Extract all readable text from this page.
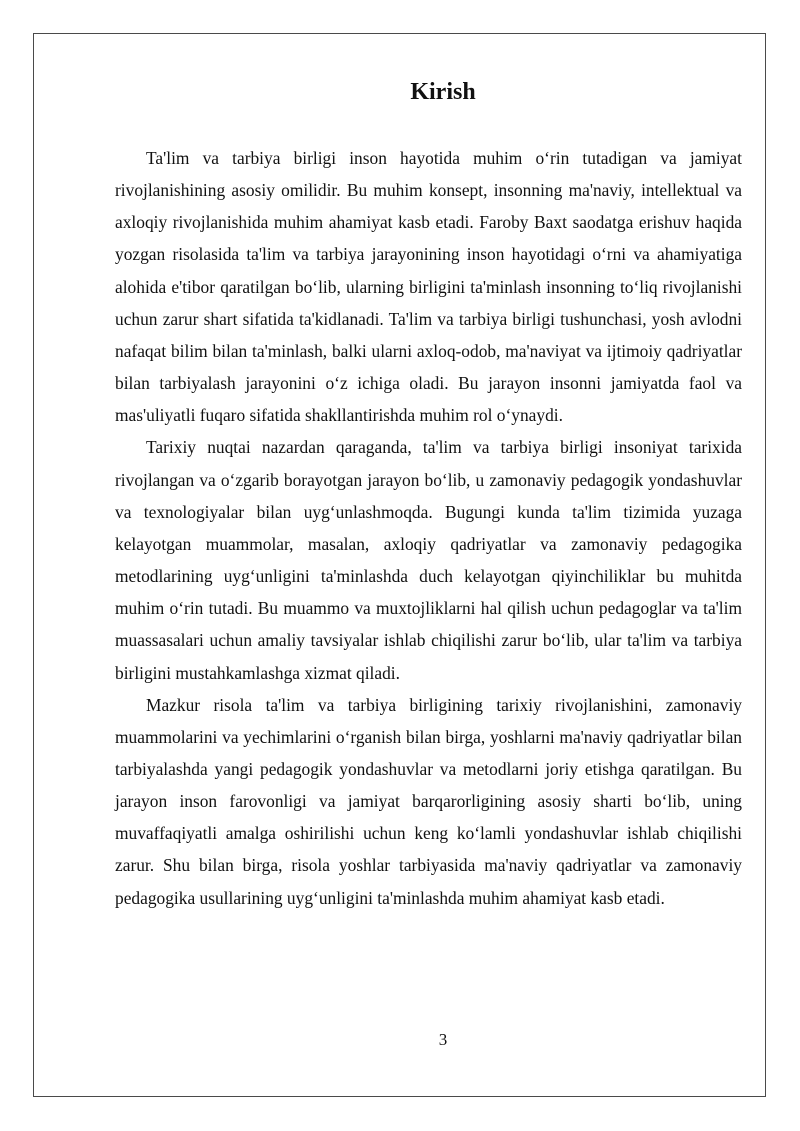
Kirish

Ta'lim va tarbiya birligi inson hayotida muhim o‘rin tutadigan va jamiyat rivojlanishining asosiy omilidir. Bu muhim konsept, insonning ma'naviy, intellektual va axloqiy rivojlanishida muhim ahamiyat kasb etadi. Faroby Baxt saodatga erishuv haqida yozgan risolasida ta'lim va tarbiya jarayonining inson hayotidagi o‘rni va ahamiyatiga alohida e'tibor qaratilgan bo‘lib, ularning birligini ta'minlash insonning to‘liq rivojlanishi uchun zarur shart sifatida ta'kidlanadi. Ta'lim va tarbiya birligi tushunchasi, yosh avlodni nafaqat bilim bilan ta'minlash, balki ularni axloq-odob, ma'naviyat va ijtimoiy qadriyatlar bilan tarbiyalash jarayonini o‘z ichiga oladi. Bu jarayon insonni jamiyatda faol va mas'uliyatli fuqaro sifatida shakllantirishda muhim rol o‘ynaydi.

Tarixiy nuqtai nazardan qaraganda, ta'lim va tarbiya birligi insoniyat tarixida rivojlangan va o‘zgarib borayotgan jarayon bo‘lib, u zamonaviy pedagogik yondashuvlar va texnologiyalar bilan uyg‘unlashmoqda. Bugungi kunda ta'lim tizimida yuzaga kelayotgan muammolar, masalan, axloqiy qadriyatlar va zamonaviy pedagogika metodlarining uyg‘unligini ta'minlashda duch kelayotgan qiyinchiliklar bu muhitda muhim o‘rin tutadi. Bu muammo va muxtojliklarni hal qilish uchun pedagoglar va ta'lim muassasalari uchun amaliy tavsiyalar ishlab chiqilishi zarur bo‘lib, ular ta'lim va tarbiya birligini mustahkamlashga xizmat qiladi.

Mazkur risola ta'lim va tarbiya birligining tarixiy rivojlanishini, zamonaviy muammolarini va yechimlarini o‘rganish bilan birga, yoshlarni ma'naviy qadriyatlar bilan tarbiyalashda yangi pedagogik yondashuvlar va metodlarni joriy etishga qaratilgan. Bu jarayon inson farovonligi va jamiyat barqarorligining asosiy sharti bo‘lib, uning muvaffaqiyatli amalga oshirilishi uchun keng ko‘lamli yondashuvlar ishlab chiqilishi zarur. Shu bilan birga, risola yoshlar tarbiyasida ma'naviy qadriyatlar va zamonaviy pedagogika usullarining uyg‘unligini ta'minlashda muhim ahamiyat kasb etadi.

3
